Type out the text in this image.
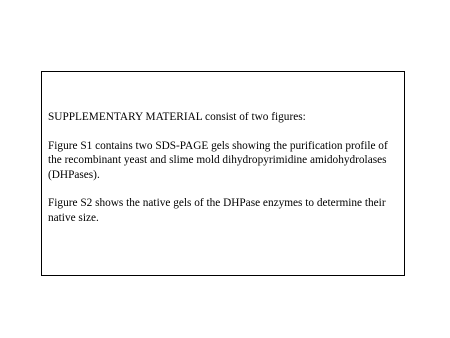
SUPPLEMENTARY MATERIAL consist of two figures:

Figure S1 contains two SDS-PAGE gels showing the purification profile of the recombinant yeast and slime mold dihydropyrimidine amidohydrolases (DHPases).

Figure S2 shows the native gels of the DHPase enzymes to determine their native size.
